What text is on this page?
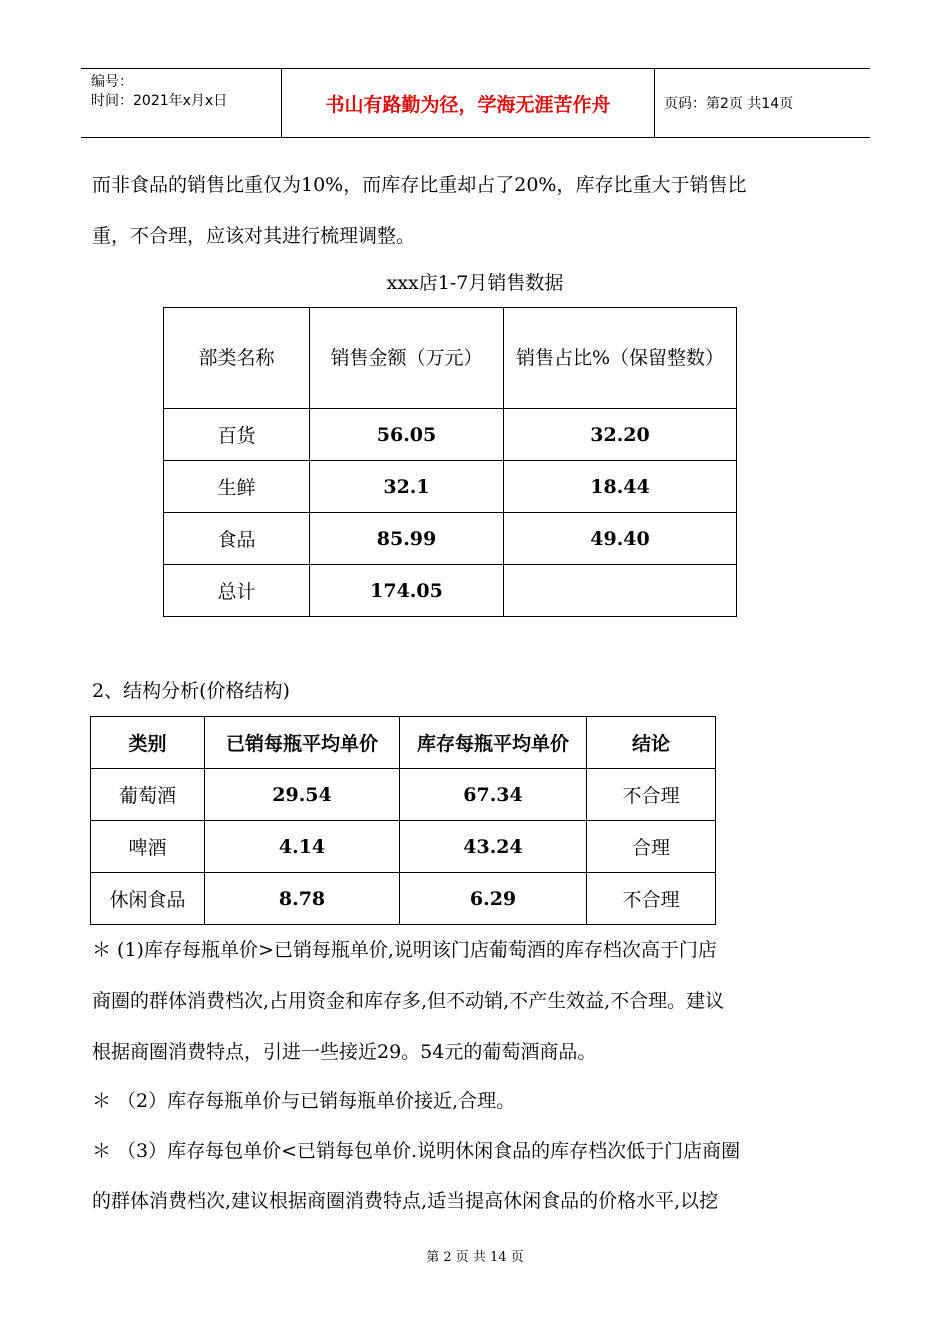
编号：
时间：2021年x月x日	书山有路勤为径，学海无涯苦作舟	页码：第2页 共14页

而非食品的销售比重仅为10%，而库存比重却占了20%，库存比重大于销售比

重，不合理，应该对其进行梳理调整。

xxx店1-7月销售数据
部类名称	销售金额（万元）	销售占比%（保留整数）
百货	56.05	32.20
生鲜	32.1	18.44
食品	85.99	49.40
总计	174.05	
2、结构分析(价格结构)
类别	已销每瓶平均单价	库存每瓶平均单价	结论
葡萄酒	29.54	67.34	不合理
啤酒	4.14	43.24	合理
休闲食品	8.78	6.29	不合理

＊ (1)库存每瓶单价>已销每瓶单价,说明该门店葡萄酒的库存档次高于门店

商圈的群体消费档次,占用资金和库存多,但不动销,不产生效益,不合理。建议

根据商圈消费特点，引进一些接近29。54元的葡萄酒商品。

＊ （2）库存每瓶单价与已销每瓶单价接近,合理。

＊ （3）库存每包单价<已销每包单价.说明休闲食品的库存档次低于门店商圈

的群体消费档次,建议根据商圈消费特点,适当提高休闲食品的价格水平,以挖

第 2 页 共 14 页
